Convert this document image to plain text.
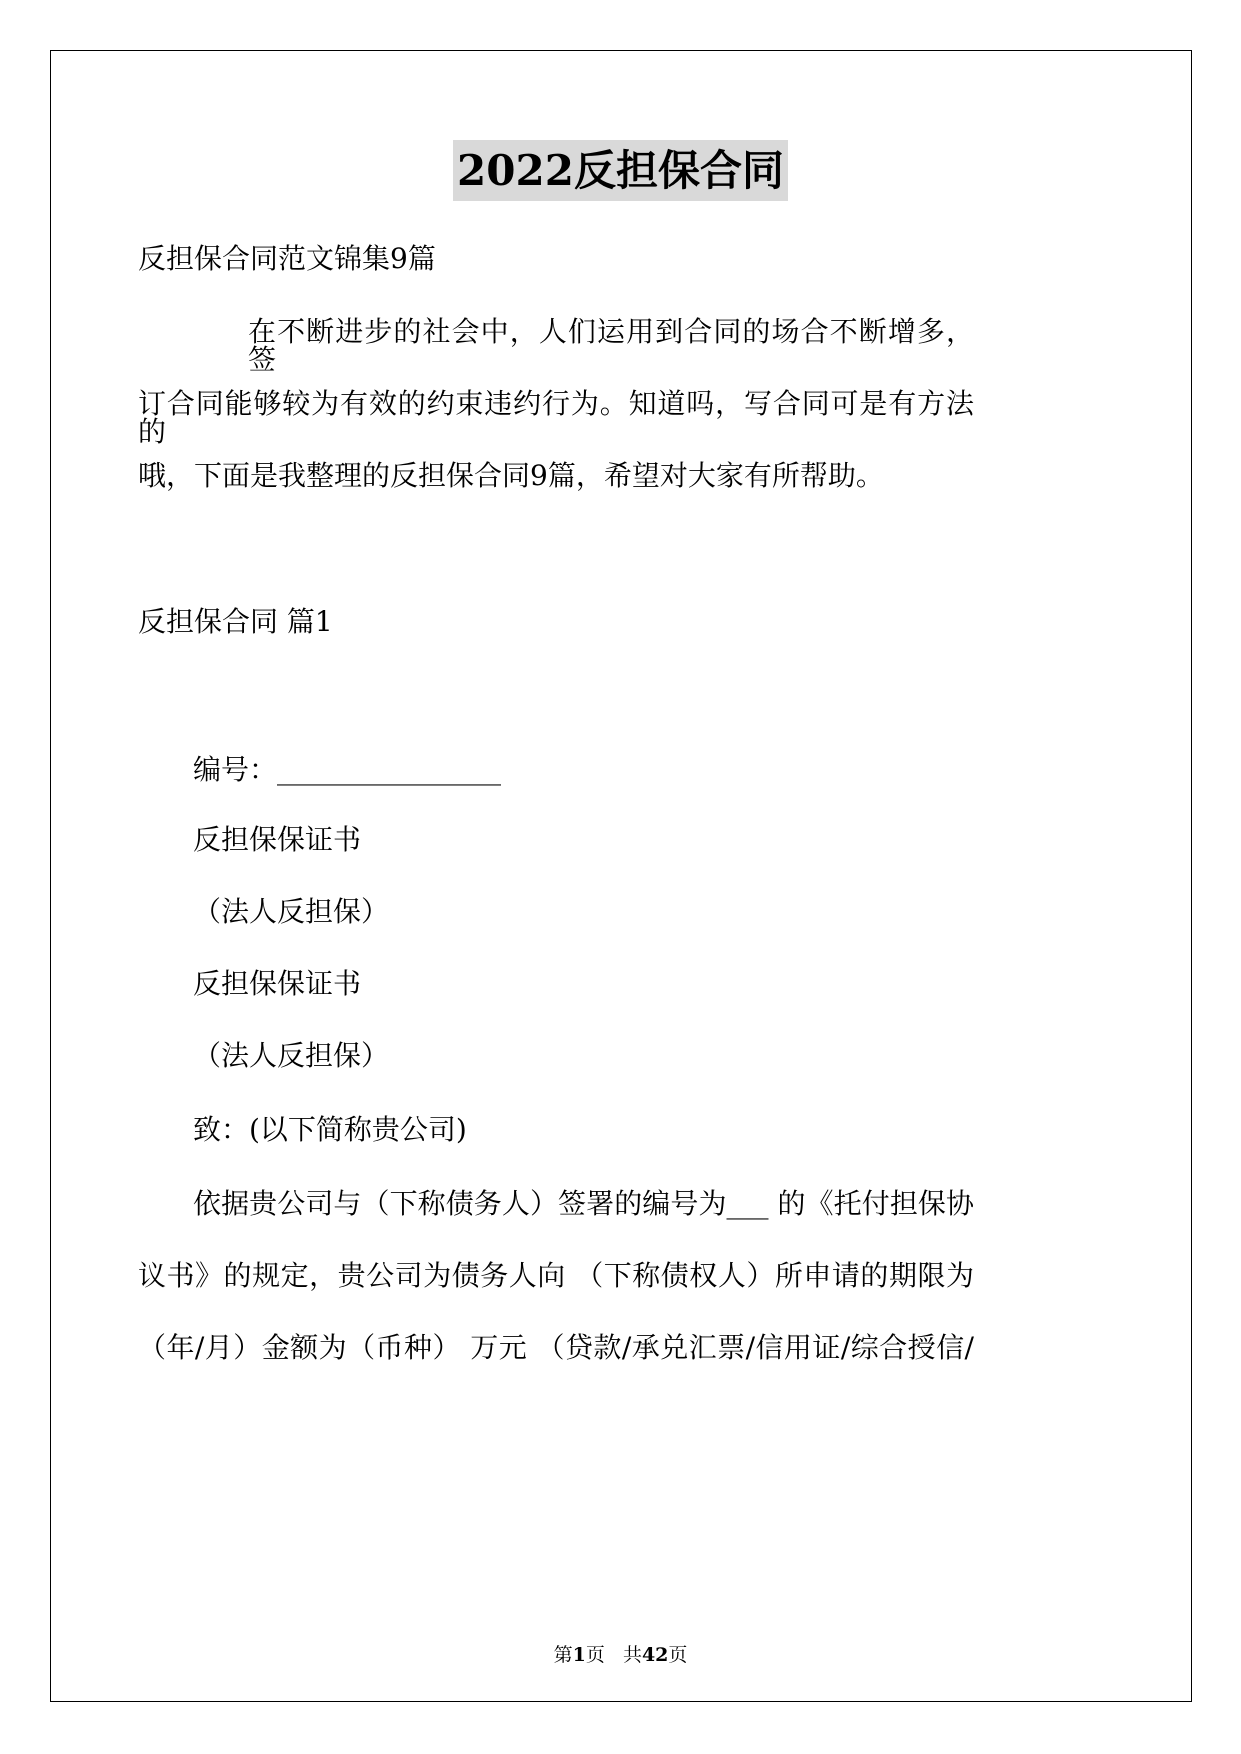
2022反担保合同
反担保合同范文锦集9篇
在不断进步的社会中，人们运用到合同的场合不断增多，签
订合同能够较为有效的约束违约行为。知道吗，写合同可是有方法的
哦，下面是我整理的反担保合同9篇，希望对大家有所帮助。
反担保合同 篇1
编号：________________
反担保保证书
（法人反担保）
反担保保证书
（法人反担保）
致：(以下简称贵公司)
依据贵公司与（下称债务人）签署的编号为___ 的《托付担保协
议书》的规定，贵公司为债务人向 （下称债权人）所申请的期限为
（年/月）金额为（币种） 万元 （贷款/承兑汇票/信用证/综合授信/
第1页   共42页
